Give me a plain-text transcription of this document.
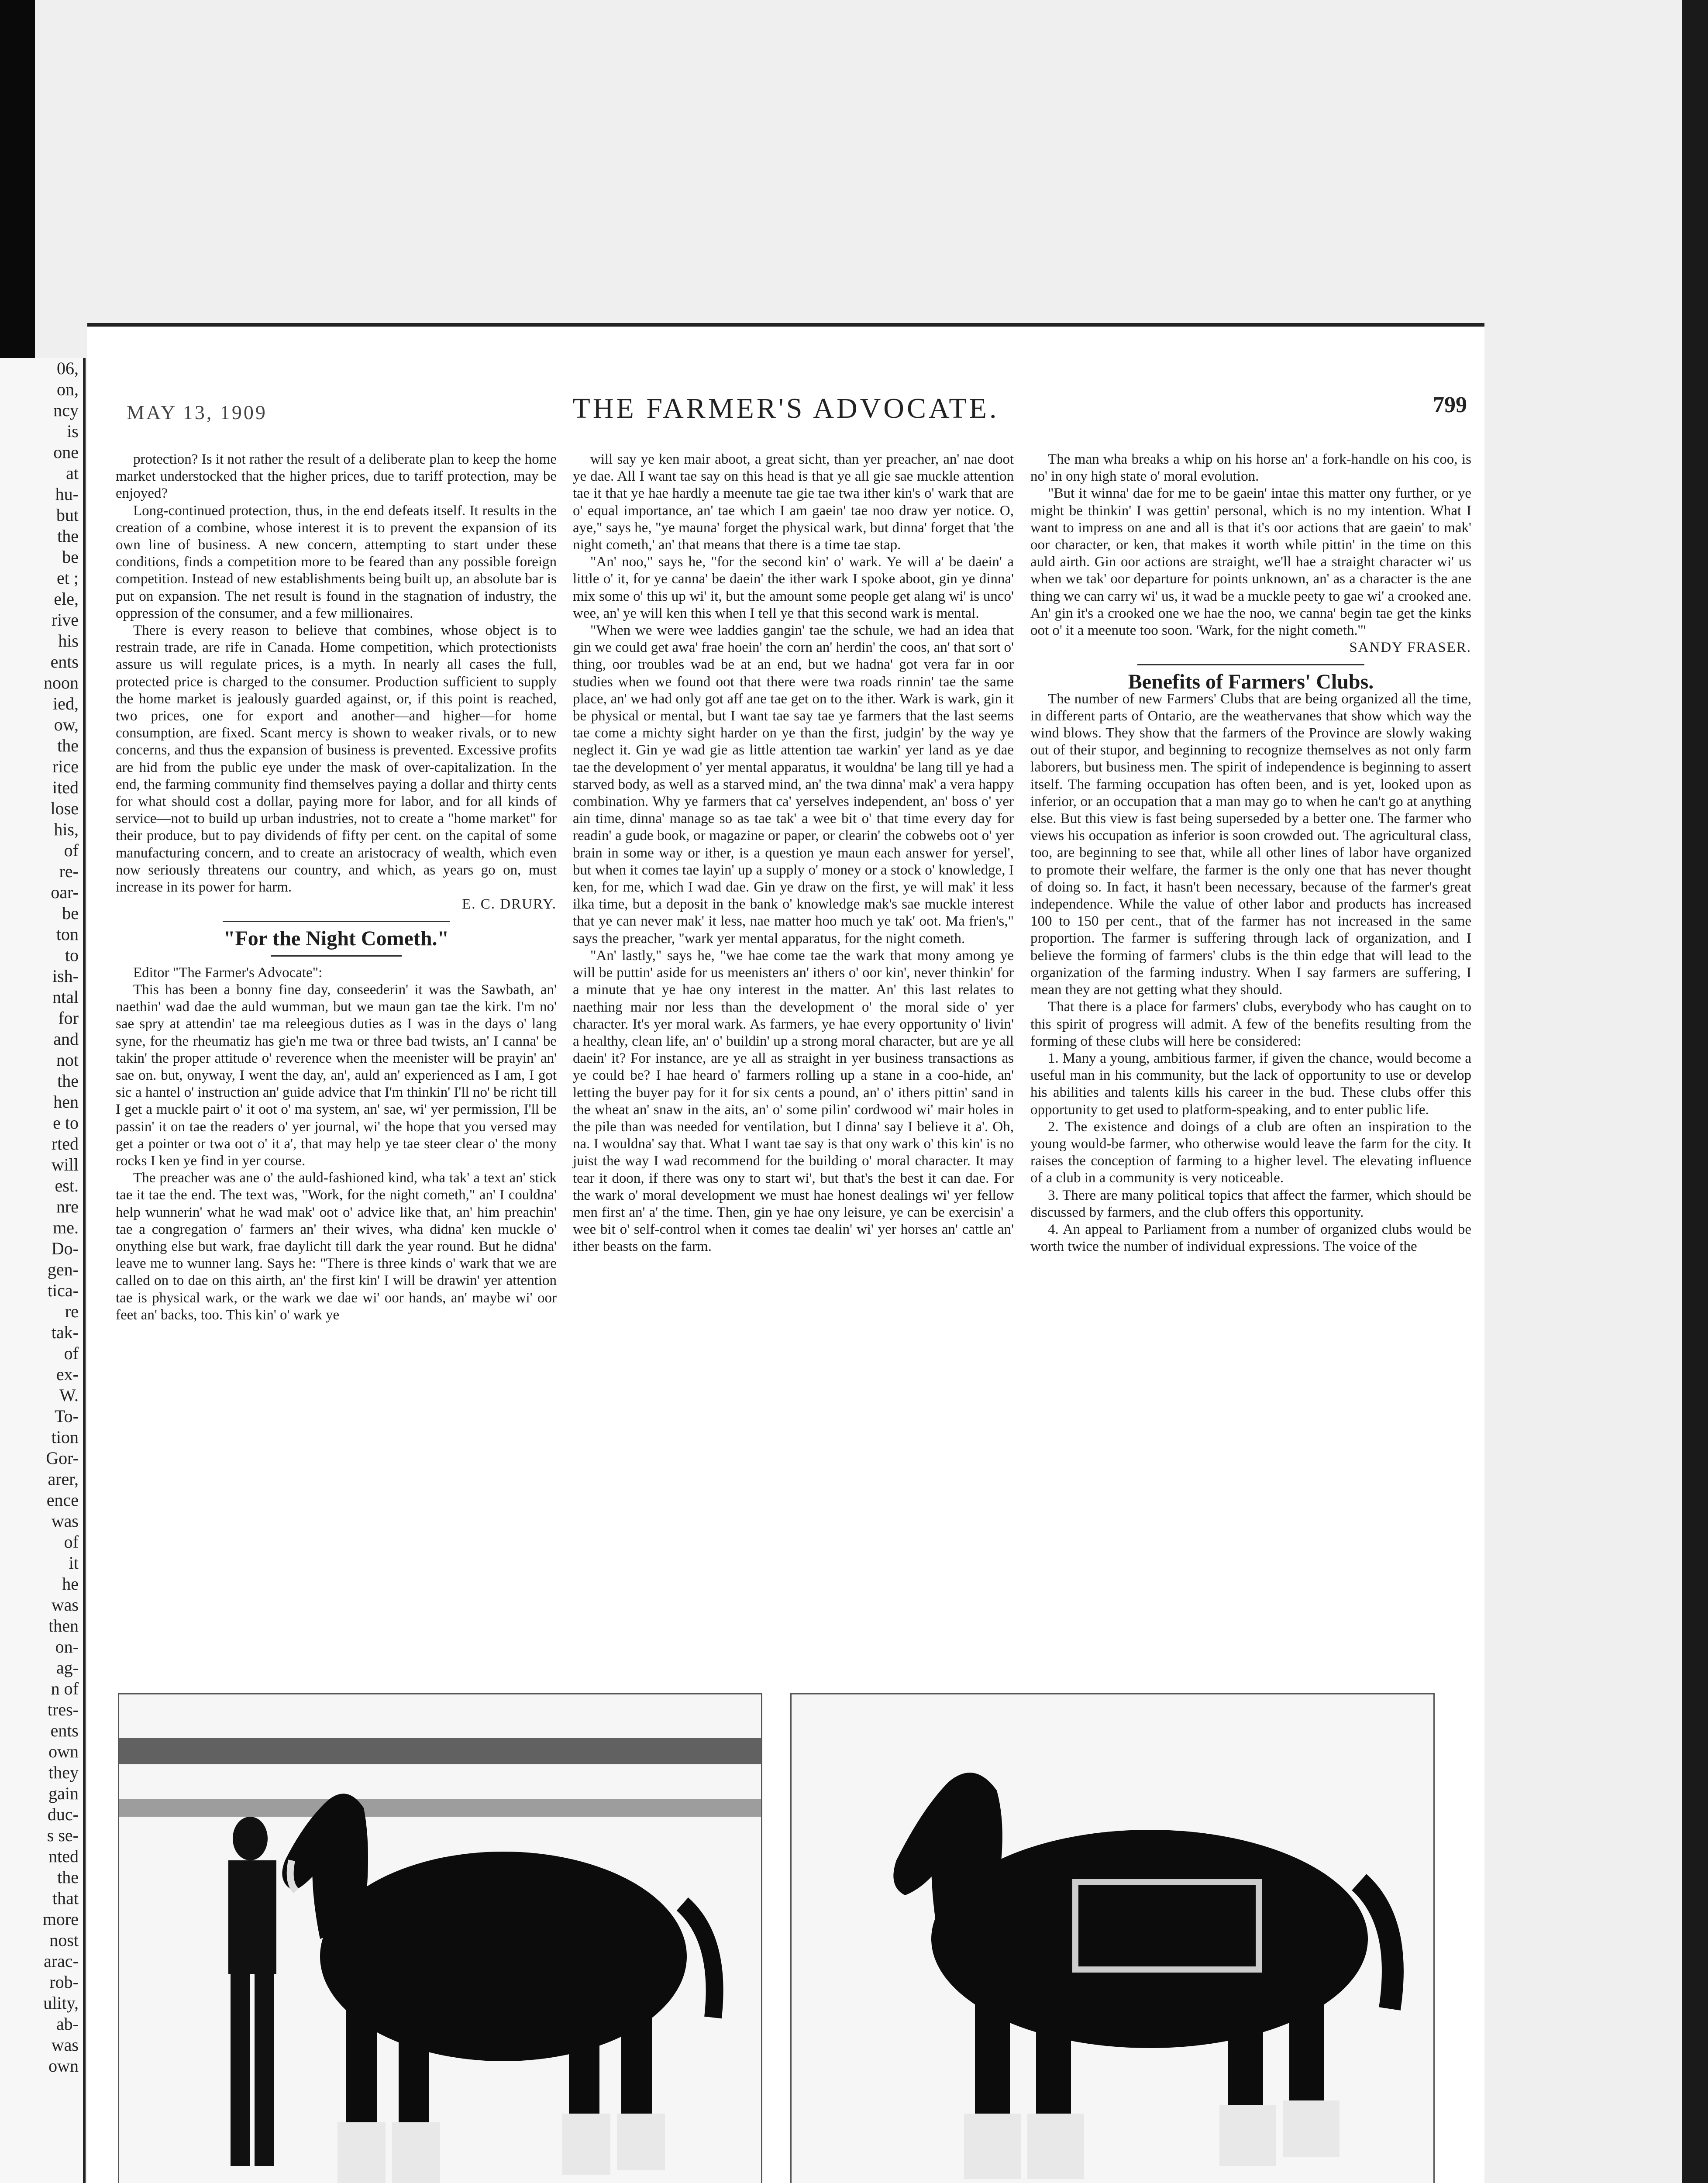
06,
on,
ncy
is
one
at
hu-
but
the
be
et ;
ele,
rive
his
ents
noon
ied,
ow,
the
rice
ited
lose
his,
of
re-
oar-
be
ton
to
ish-
ntal
for
and
not
the
hen
e to
rted
will
est.
nre
me.
Do-
gen-
tica-
re
tak-
of
ex-
W.
To-
tion
Gor-
arer,
ence
was
of
it
he
was
then
on-
ag-
n of
tres-
ents
own
they
gain
duc-
s se-
nted
the
that
more
nost
arac-
rob-
ulity,
ab-
was
own
MAY 13, 1909	THE FARMER'S ADVOCATE.	799

protection? Is it not rather the result of a deliberate plan to keep the home market understocked that the higher prices, due to tariff protection, may be enjoyed?

Long-continued protection, thus, in the end defeats itself. It results in the creation of a combine, whose interest it is to prevent the expansion of its own line of business. A new concern, attempting to start under these conditions, finds a competition more to be feared than any possible foreign competition. Instead of new establishments being built up, an absolute bar is put on expansion. The net result is found in the stagnation of industry, the oppression of the consumer, and a few millionaires.

There is every reason to believe that combines, whose object is to restrain trade, are rife in Canada. Home competition, which protectionists assure us will regulate prices, is a myth. In nearly all cases the full, protected price is charged to the consumer. Production sufficient to supply the home market is jealously guarded against, or, if this point is reached, two prices, one for export and another—and higher—for home consumption, are fixed. Scant mercy is shown to weaker rivals, or to new concerns, and thus the expansion of business is prevented. Excessive profits are hid from the public eye under the mask of over-capitalization. In the end, the farming community find themselves paying a dollar and thirty cents for what should cost a dollar, paying more for labor, and for all kinds of service—not to build up urban industries, not to create a "home market" for their produce, but to pay dividends of fifty per cent. on the capital of some manufacturing concern, and to create an aristocracy of wealth, which even now seriously threatens our country, and which, as years go on, must increase in its power for harm.

E. C. DRURY.

"For the Night Cometh."

Editor "The Farmer's Advocate":

This has been a bonny fine day, conseederin' it was the Sawbath, an' naethin' wad dae the auld wumman, but we maun gan tae the kirk. I'm no' sae spry at attendin' tae ma releegious duties as I was in the days o' lang syne, for the rheumatiz has gie'n me twa or three bad twists, an' I canna' be takin' the proper attitude o' reverence when the meenister will be prayin' an' sae on. but, onyway, I went the day, an', auld an' experienced as I am, I got sic a hantel o' instruction an' guide advice that I'm thinkin' I'll no' be richt till I get a muckle pairt o' it oot o' ma system, an' sae, wi' yer permission, I'll be passin' it on tae the readers o' yer journal, wi' the hope that you versed may get a pointer or twa oot o' it a', that may help ye tae steer clear o' the mony rocks I ken ye find in yer course.

The preacher was ane o' the auld-fashioned kind, wha tak' a text an' stick tae it tae the end. The text was, "Work, for the night cometh," an' I couldna' help wunnerin' what he wad mak' oot o' advice like that, an' him preachin' tae a congregation o' farmers an' their wives, wha didna' ken muckle o' onything else but wark, frae daylicht till dark the year round. But he didna' leave me to wunner lang. Says he: "There is three kinds o' wark that we are called on to dae on this airth, an' the first kin' I will be drawin' yer attention tae is physical wark, or the wark we dae wi' oor hands, an' maybe wi' oor feet an' backs, too. This kin' o' wark ye

will say ye ken mair aboot, a great sicht, than yer preacher, an' nae doot ye dae. All I want tae say on this head is that ye all gie sae muckle attention tae it that ye hae hardly a meenute tae gie tae twa ither kin's o' wark that are o' equal importance, an' tae which I am gaein' tae noo draw yer notice. O, aye," says he, "ye mauna' forget the physical wark, but dinna' forget that 'the night cometh,' an' that means that there is a time tae stap.

"An' noo," says he, "for the second kin' o' wark. Ye will a' be daein' a little o' it, for ye canna' be daein' the ither wark I spoke aboot, gin ye dinna' mix some o' this up wi' it, but the amount some people get alang wi' is unco' wee, an' ye will ken this when I tell ye that this second wark is mental.

"When we were wee laddies gangin' tae the schule, we had an idea that gin we could get awa' frae hoein' the corn an' herdin' the coos, an' that sort o' thing, oor troubles wad be at an end, but we hadna' got vera far in oor studies when we found oot that there were twa roads rinnin' tae the same place, an' we had only got aff ane tae get on to the ither. Wark is wark, gin it be physical or mental, but I want tae say tae ye farmers that the last seems tae come a michty sight harder on ye than the first, judgin' by the way ye neglect it. Gin ye wad gie as little attention tae warkin' yer land as ye dae tae the development o' yer mental apparatus, it wouldna' be lang till ye had a starved body, as well as a starved mind, an' the twa dinna' mak' a vera happy combination. Why ye farmers that ca' yerselves independent, an' boss o' yer ain time, dinna' manage so as tae tak' a wee bit o' that time every day for readin' a gude book, or magazine or paper, or clearin' the cobwebs oot o' yer brain in some way or ither, is a question ye maun each answer for yersel', but when it comes tae layin' up a supply o' money or a stock o' knowledge, I ken, for me, which I wad dae. Gin ye draw on the first, ye will mak' it less ilka time, but a deposit in the bank o' knowledge mak's sae muckle interest that ye can never mak' it less, nae matter hoo much ye tak' oot. Ma frien's," says the preacher, "wark yer mental apparatus, for the night cometh.

"An' lastly," says he, "we hae come tae the wark that mony among ye will be puttin' aside for us meenisters an' ithers o' oor kin', never thinkin' for a minute that ye hae ony interest in the matter. An' this last relates to naething mair nor less than the development o' the moral side o' yer character. It's yer moral wark. As farmers, ye hae every opportunity o' livin' a healthy, clean life, an' o' buildin' up a strong moral character, but are ye all daein' it? For instance, are ye all as straight in yer business transactions as ye could be? I hae heard o' farmers rolling up a stane in a coo-hide, an' letting the buyer pay for it for six cents a pound, an' o' ithers pittin' sand in the wheat an' snaw in the aits, an' o' some pilin' cordwood wi' mair holes in the pile than was needed for ventilation, but I dinna' say I believe it a'. Oh, na. I wouldna' say that. What I want tae say is that ony wark o' this kin' is no juist the way I wad recommend for the building o' moral character. It may tear it doon, if there was ony to start wi', but that's the best it can dae. For the wark o' moral development we must hae honest dealings wi' yer fellow men first an' a' the time. Then, gin ye hae ony leisure, ye can be exercisin' a wee bit o' self-control when it comes tae dealin' wi' yer horses an' cattle an' ither beasts on the farm.

The man wha breaks a whip on his horse an' a fork-handle on his coo, is no' in ony high state o' moral evolution.

"But it winna' dae for me to be gaein' intae this matter ony further, or ye might be thinkin' I was gettin' personal, which is no my intention. What I want to impress on ane and all is that it's oor actions that are gaein' to mak' oor character, or ken, that makes it worth while pittin' in the time on this auld airth. Gin oor actions are straight, we'll hae a straight character wi' us when we tak' oor departure for points unknown, an' as a character is the ane thing we can carry wi' us, it wad be a muckle peety to gae wi' a crooked ane. An' gin it's a crooked one we hae the noo, we canna' begin tae get the kinks oot o' it a meenute too soon. 'Wark, for the night cometh.'"

SANDY FRASER.

Benefits of Farmers' Clubs.

The number of new Farmers' Clubs that are being organized all the time, in different parts of Ontario, are the weathervanes that show which way the wind blows. They show that the farmers of the Province are slowly waking out of their stupor, and beginning to recognize themselves as not only farm laborers, but business men. The spirit of independence is beginning to assert itself. The farming occupation has often been, and is yet, looked upon as inferior, or an occupation that a man may go to when he can't go at anything else. But this view is fast being superseded by a better one. The farmer who views his occupation as inferior is soon crowded out. The agricultural class, too, are beginning to see that, while all other lines of labor have organized to promote their welfare, the farmer is the only one that has never thought of doing so. In fact, it hasn't been necessary, because of the farmer's great independence. While the value of other labor and products has increased 100 to 150 per cent., that of the farmer has not increased in the same proportion. The farmer is suffering through lack of organization, and I believe the forming of farmers' clubs is the thin edge that will lead to the organization of the farming industry. When I say farmers are suffering, I mean they are not getting what they should.

That there is a place for farmers' clubs, everybody who has caught on to this spirit of progress will admit. A few of the benefits resulting from the forming of these clubs will here be considered:

1. Many a young, ambitious farmer, if given the chance, would become a useful man in his community, but the lack of opportunity to use or develop his abilities and talents kills his career in the bud. These clubs offer this opportunity to get used to platform-speaking, and to enter public life.

2. The existence and doings of a club are often an inspiration to the young would-be farmer, who otherwise would leave the farm for the city. It raises the conception of farming to a higher level. The elevating influence of a club in a community is very noticeable.

3. There are many political topics that affect the farmer, which should be discussed by farmers, and the club offers this opportunity.

4. An appeal to Parliament from a number of organized clubs would be worth twice the number of individual expressions. The voice of the
